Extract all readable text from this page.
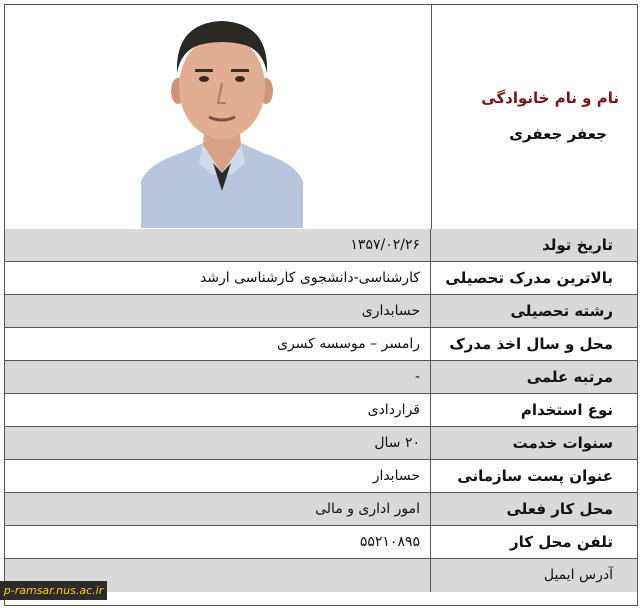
نام و نام خانوادگی
جعفر جعفری
۱۳۵۷/۰۲/۲۶	تاریخ تولد
کارشناسی-دانشجوی کارشناسی ارشد	بالاترین مدرک تحصیلی
حسابداری	رشته تحصیلی
رامسر – موسسه کسری	محل و سال اخذ مدرک
-	مرتبه علمی
قراردادی	نوع استخدام
۲۰ سال	سنوات خدمت
حسابدار	عنوان پست سازمانی
امور اداری و مالی	محل کار فعلی
۵۵۲۱۰۸۹۵	تلفن محل کار
آدرس ایمیل
p-ramsar.nus.ac.ir
